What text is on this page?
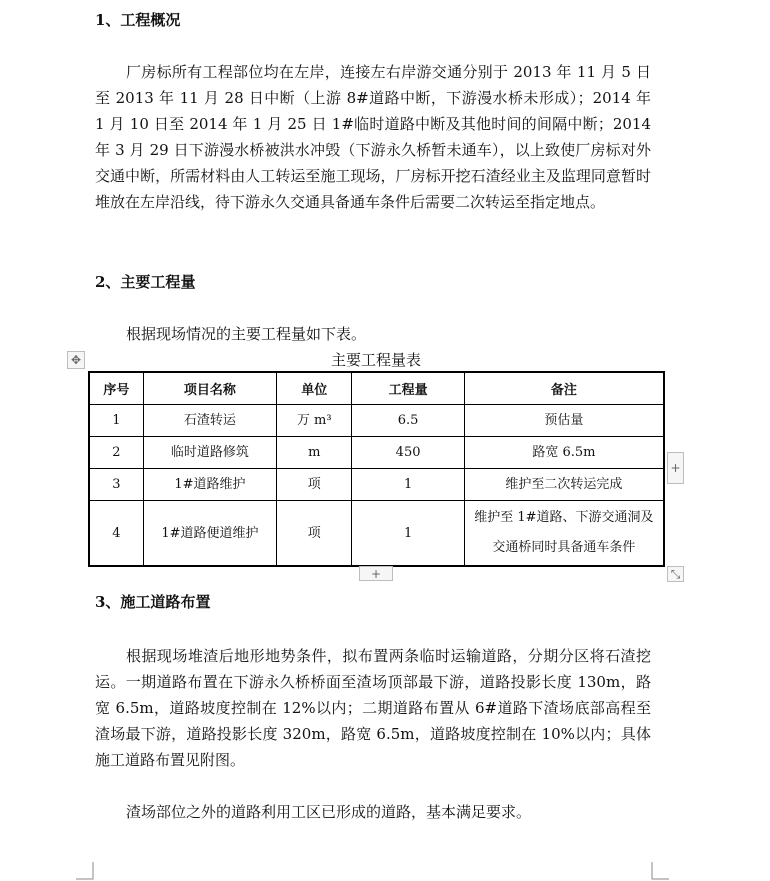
1、工程概况

厂房标所有工程部位均在左岸，连接左右岸游交通分别于 2013 年 11 月 5 日至 2013 年 11 月 28 日中断（上游 8#道路中断，下游漫水桥未形成）；2014 年 1 月 10 日至 2014 年 1 月 25 日 1#临时道路中断及其他时间的间隔中断；2014 年 3 月 29 日下游漫水桥被洪水冲毁（下游永久桥暂未通车），以上致使厂房标对外交通中断，所需材料由人工转运至施工现场，厂房标开挖石渣经业主及监理同意暂时堆放在左岸沿线，待下游永久交通具备通车条件后需要二次转运至指定地点。

2、主要工程量

根据现场情况的主要工程量如下表。

✥	主要工程量表

序号	项目名称	单位	工程量	备注
1	石渣转运	万 m³	6.5	预估量
2	临时道路修筑	m	450	路宽 6.5m
3	1#道路维护	项	1	维护至二次转运完成
4	1#道路便道维护	项	1	维护至 1#道路、下游交通洞及交通桥同时具备通车条件
+
+	⤡
3、施工道路布置

根据现场堆渣后地形地势条件，拟布置两条临时运输道路，分期分区将石渣挖运。一期道路布置在下游永久桥桥面至渣场顶部最下游，道路投影长度 130m，路宽 6.5m，道路坡度控制在 12%以内；二期道路布置从 6#道路下渣场底部高程至渣场最下游，道路投影长度 320m，路宽 6.5m，道路坡度控制在 10%以内；具体施工道路布置见附图。

渣场部位之外的道路利用工区已形成的道路，基本满足要求。
